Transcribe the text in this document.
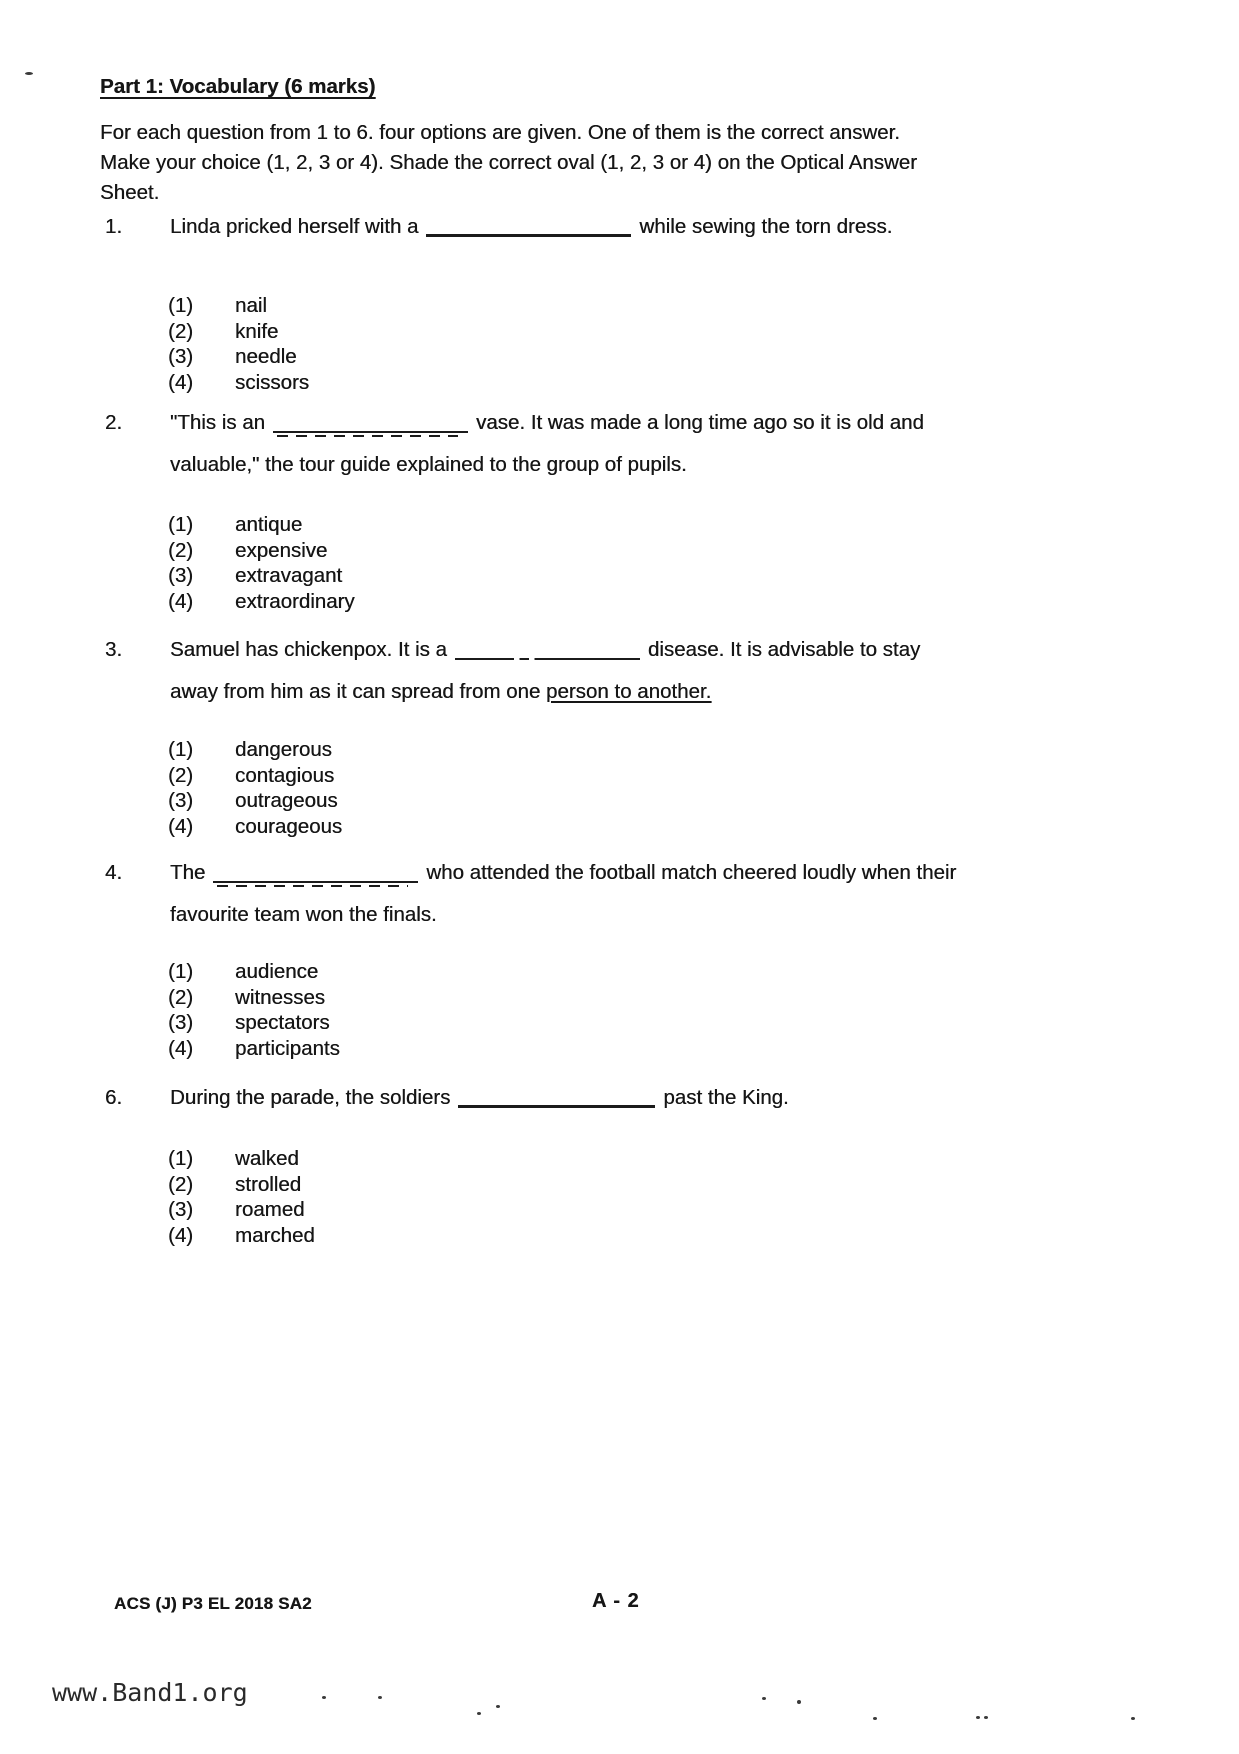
Part 1: Vocabulary (6 marks)
For each question from 1 to 6. four options are given. One of them is the correct answer.
Make your choice (1, 2, 3 or 4). Shade the correct oval (1, 2, 3 or 4) on the Optical Answer
Sheet.
1.	Linda pricked herself with a	while sewing the torn dress.
(1) nail
(2) knife
(3) needle
(4) scissors
2.	"This is an	vase. It was made a long time ago so it is old and
valuable," the tour guide explained to the group of pupils.
(1) antique
(2) expensive
(3) extravagant
(4) extraordinary
3.	Samuel has chickenpox. It is a	disease. It is advisable to stay
away from him as it can spread from one person to another.
(1) dangerous
(2) contagious
(3) outrageous
(4) courageous
4.	The	who attended the football match cheered loudly when their
favourite team won the finals.
(1) audience
(2) witnesses
(3) spectators
(4) participants
6.	During the parade, the soldiers	past the King.
(1) walked
(2) strolled
(3) roamed
(4) marched
ACS (J) P3 EL 2018 SA2	A - 2
www.Band1.org
